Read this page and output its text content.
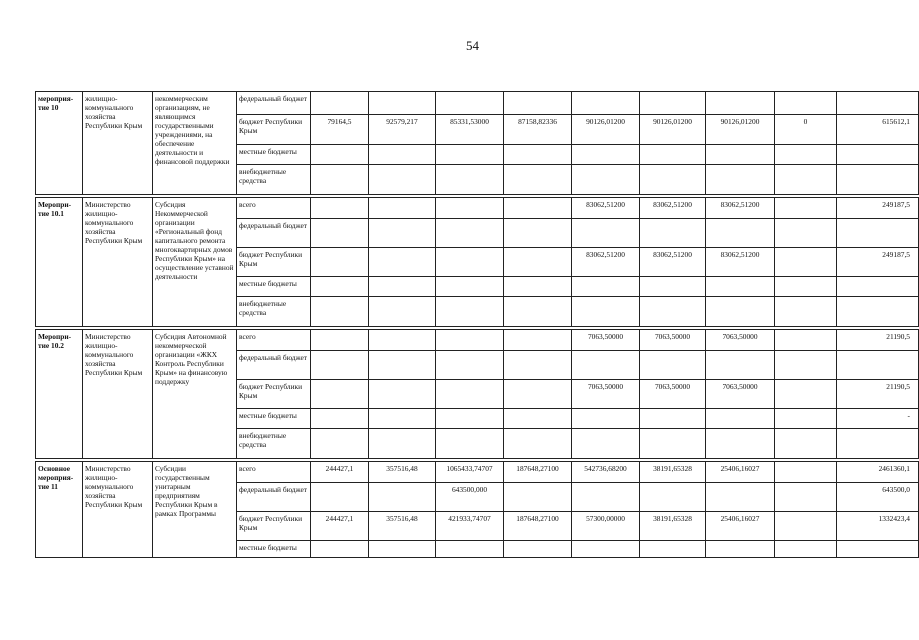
54
мероприя-тие 10	жилищно-коммунального хозяйства Республики Крым	некоммерческим организациям, не являющимся государственными учреждениями, на обеспечение деятельности и финансовой поддержки	федеральный бюджет									
			бюджет Республики Крым	79164,5	92579,217	85331,53000	87158,82336	90126,01200	90126,01200	90126,01200	0	615612,1
			местные бюджеты									
			внебюджетные средства									

Меропри-тие 10.1	Министерство жилищно-коммунального хозяйства Республики Крым	Субсидия Некоммерческой организации «Региональный фонд капитального ремонта многоквартирных домов Республики Крым» на осуществление уставной деятельности	всего					83062,51200	83062,51200	83062,51200		249187,5
			федеральный бюджет									
			бюджет Республики Крым					83062,51200	83062,51200	83062,51200		249187,5
			местные бюджеты									
			внебюджетные средства									

Меропри-тие 10.2	Министерство жилищно-коммунального хозяйства Республики Крым	Субсидия Автономной некоммерческой организации «ЖКХ Контроль Республики Крым» на финансовую поддержку	всего					7063,50000	7063,50000	7063,50000		21190,5
			федеральный бюджет									
			бюджет Республики Крым					7063,50000	7063,50000	7063,50000		21190,5
			местные бюджеты									-
			внебюджетные средства									

Основное мероприя-тие 11	Министерство жилищно-коммунального хозяйства Республики Крым	Субсидии государственным унитарным предприятиям Республики Крым в рамках Программы	всего	244427,1	357516,48	1065433,74707	187648,27100	542736,68200	38191,65328	25406,16027		2461360,1
			федеральный бюджет			643500,000						643500,0
			бюджет Республики Крым	244427,1	357516,48	421933,74707	187648,27100	57300,00000	38191,65328	25406,16027		1332423,4
			местные бюджеты									
